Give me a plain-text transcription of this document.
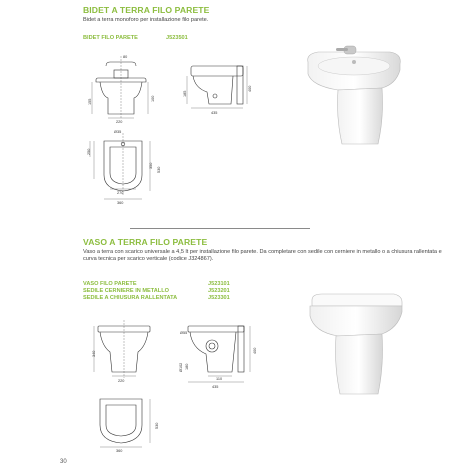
BIDET A TERRA FILO PARETE
Bidet a terra monoforo per installazione filo parete.
BIDET FILO PARETE	J523501
80
155	100
220
185
400
435
Ø35
250
350
530
270
360
VASO A TERRA FILO PARETE
Vaso a terra con scarico universale a 4,5 lt per installazione filo parete. Da completare con sedile con cerniere in metallo o a chiusura rallentata e curva tecnica per scarico verticale (codice J324867).
VASO FILO PARETE	J523101
SEDILE CERNIERE IN METALLO	J523201
SEDILE A CHIUSURA RALLENTATA	J523301
340
220
Ø55
400
Ø102 180
110
435
530
360
30
